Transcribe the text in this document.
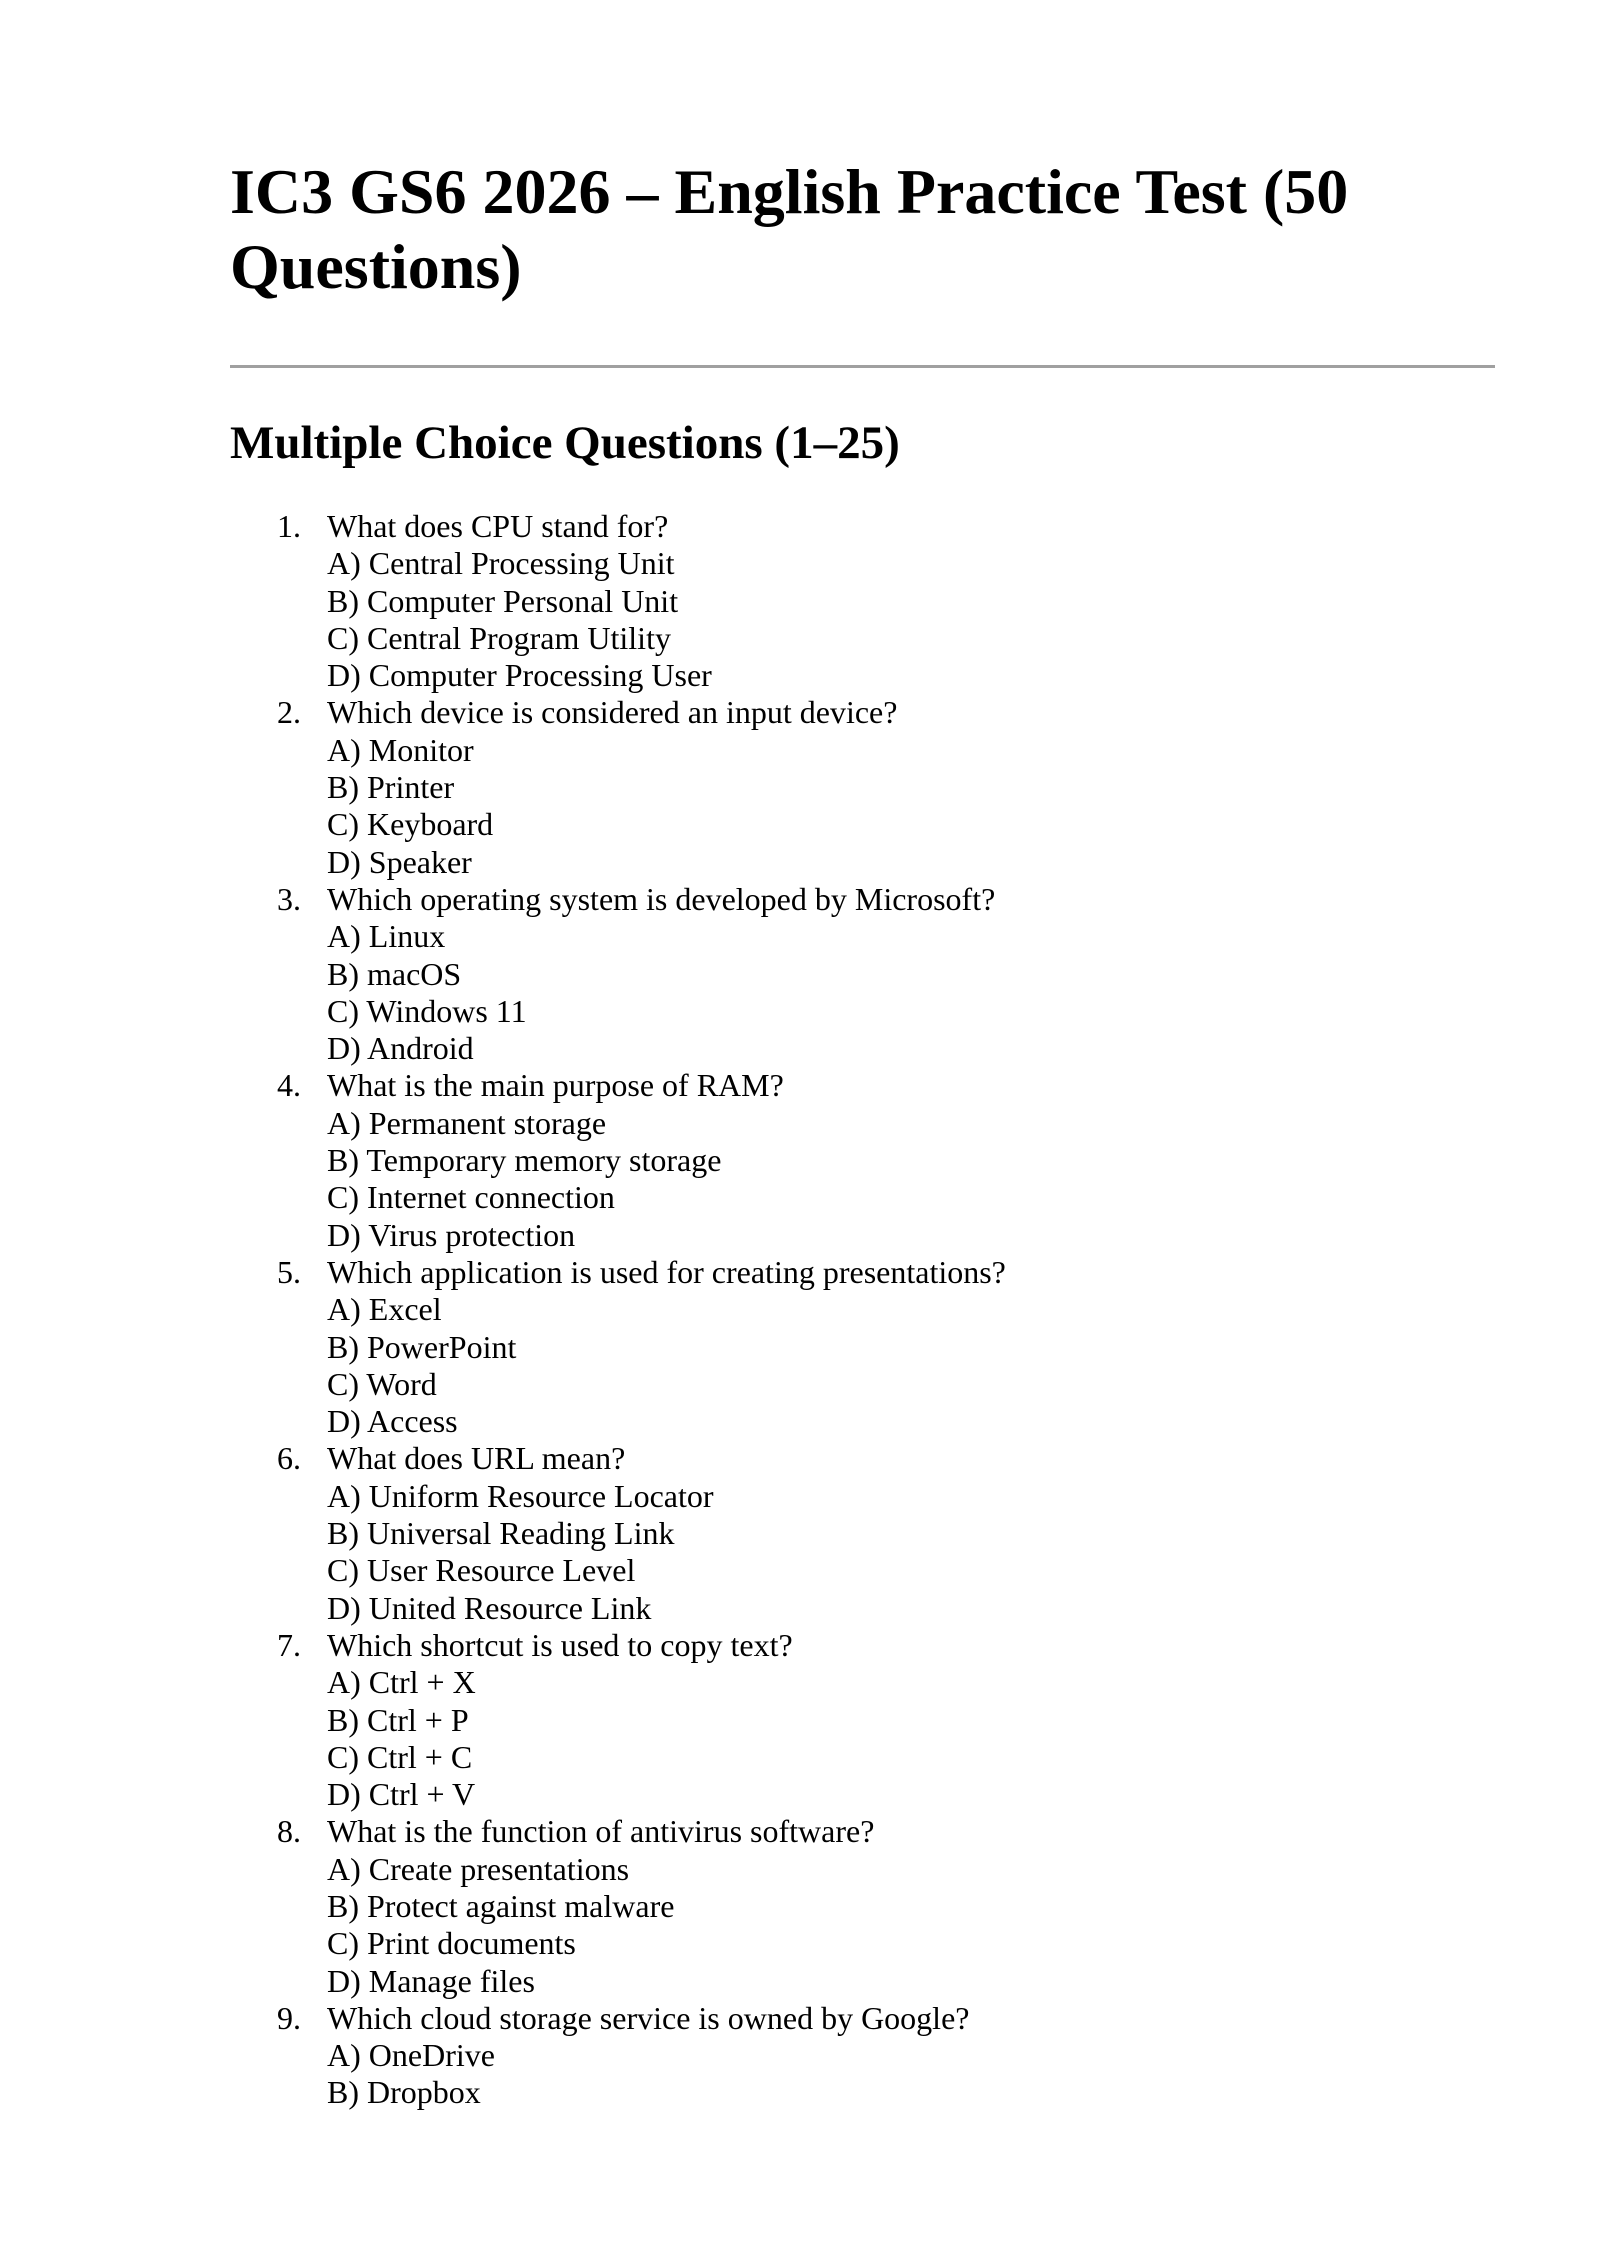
IC3 GS6 2026 – English Practice Test (50 Questions)
Multiple Choice Questions (1–25)
1. What does CPU stand for?
A) Central Processing Unit
B) Computer Personal Unit
C) Central Program Utility
D) Computer Processing User
2. Which device is considered an input device?
A) Monitor
B) Printer
C) Keyboard
D) Speaker
3. Which operating system is developed by Microsoft?
A) Linux
B) macOS
C) Windows 11
D) Android
4. What is the main purpose of RAM?
A) Permanent storage
B) Temporary memory storage
C) Internet connection
D) Virus protection
5. Which application is used for creating presentations?
A) Excel
B) PowerPoint
C) Word
D) Access
6. What does URL mean?
A) Uniform Resource Locator
B) Universal Reading Link
C) User Resource Level
D) United Resource Link
7. Which shortcut is used to copy text?
A) Ctrl + X
B) Ctrl + P
C) Ctrl + C
D) Ctrl + V
8. What is the function of antivirus software?
A) Create presentations
B) Protect against malware
C) Print documents
D) Manage files
9. Which cloud storage service is owned by Google?
A) OneDrive
B) Dropbox
